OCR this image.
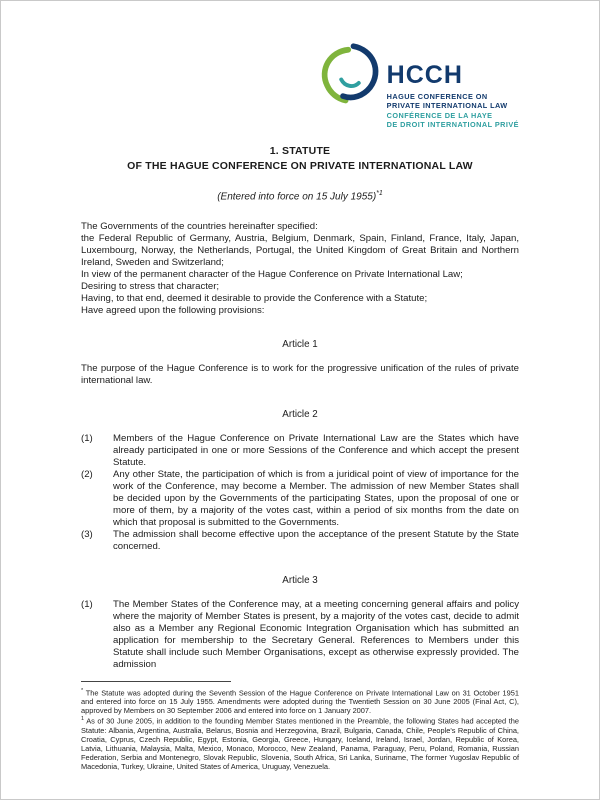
HCCH
HAGUE CONFERENCE ON
PRIVATE INTERNATIONAL LAW
CONFÉRENCE DE LA HAYE
DE DROIT INTERNATIONAL PRIVÉ
1. STATUTE
OF THE HAGUE CONFERENCE ON PRIVATE INTERNATIONAL LAW
(Entered into force on 15 July 1955)$^{*1}$

The Governments of the countries hereinafter specified:

the Federal Republic of Germany, Austria, Belgium, Denmark, Spain, Finland, France, Italy, Japan, Luxembourg, Norway, the Netherlands, Portugal, the United Kingdom of Great Britain and Northern Ireland, Sweden and Switzerland;

In view of the permanent character of the Hague Conference on Private International Law;

Desiring to stress that character;

Having, to that end, deemed it desirable to provide the Conference with a Statute;

Have agreed upon the following provisions:

Article 1

The purpose of the Hague Conference is to work for the progressive unification of the rules of private international law.

Article 2
(1)	Members of the Hague Conference on Private International Law are the States which have already participated in one or more Sessions of the Conference and which accept the present Statute.
(2)	Any other State, the participation of which is from a juridical point of view of importance for the work of the Conference, may become a Member. The admission of new Member States shall be decided upon by the Governments of the participating States, upon the proposal of one or more of them, by a majority of the votes cast, within a period of six months from the date on which that proposal is submitted to the Governments.
(3)	The admission shall become effective upon the acceptance of the present Statute by the State concerned.
Article 3
(1)	The Member States of the Conference may, at a meeting concerning general affairs and policy where the majority of Member States is present, by a majority of the votes cast, decide to admit also as a Member any Regional Economic Integration Organisation which has submitted an application for membership to the Secretary General. References to Members under this Statute shall include such Member Organisations, except as otherwise expressly provided. The admission

* The Statute was adopted during the Seventh Session of the Hague Conference on Private International Law on 31 October 1951 and entered into force on 15 July 1955. Amendments were adopted during the Twentieth Session on 30 June 2005 (Final Act, C), approved by Members on 30 September 2006 and entered into force on 1 January 2007.

$^1$ As of 30 June 2005, in addition to the founding Member States mentioned in the Preamble, the following States had accepted the Statute: Albania, Argentina, Australia, Belarus, Bosnia and Herzegovina, Brazil, Bulgaria, Canada, Chile, People's Republic of China, Croatia, Cyprus, Czech Republic, Egypt, Estonia, Georgia, Greece, Hungary, Iceland, Ireland, Israel, Jordan, Republic of Korea, Latvia, Lithuania, Malaysia, Malta, Mexico, Monaco, Morocco, New Zealand, Panama, Paraguay, Peru, Poland, Romania, Russian Federation, Serbia and Montenegro, Slovak Republic, Slovenia, South Africa, Sri Lanka, Suriname, The former Yugoslav Republic of Macedonia, Turkey, Ukraine, United States of America, Uruguay, Venezuela.
